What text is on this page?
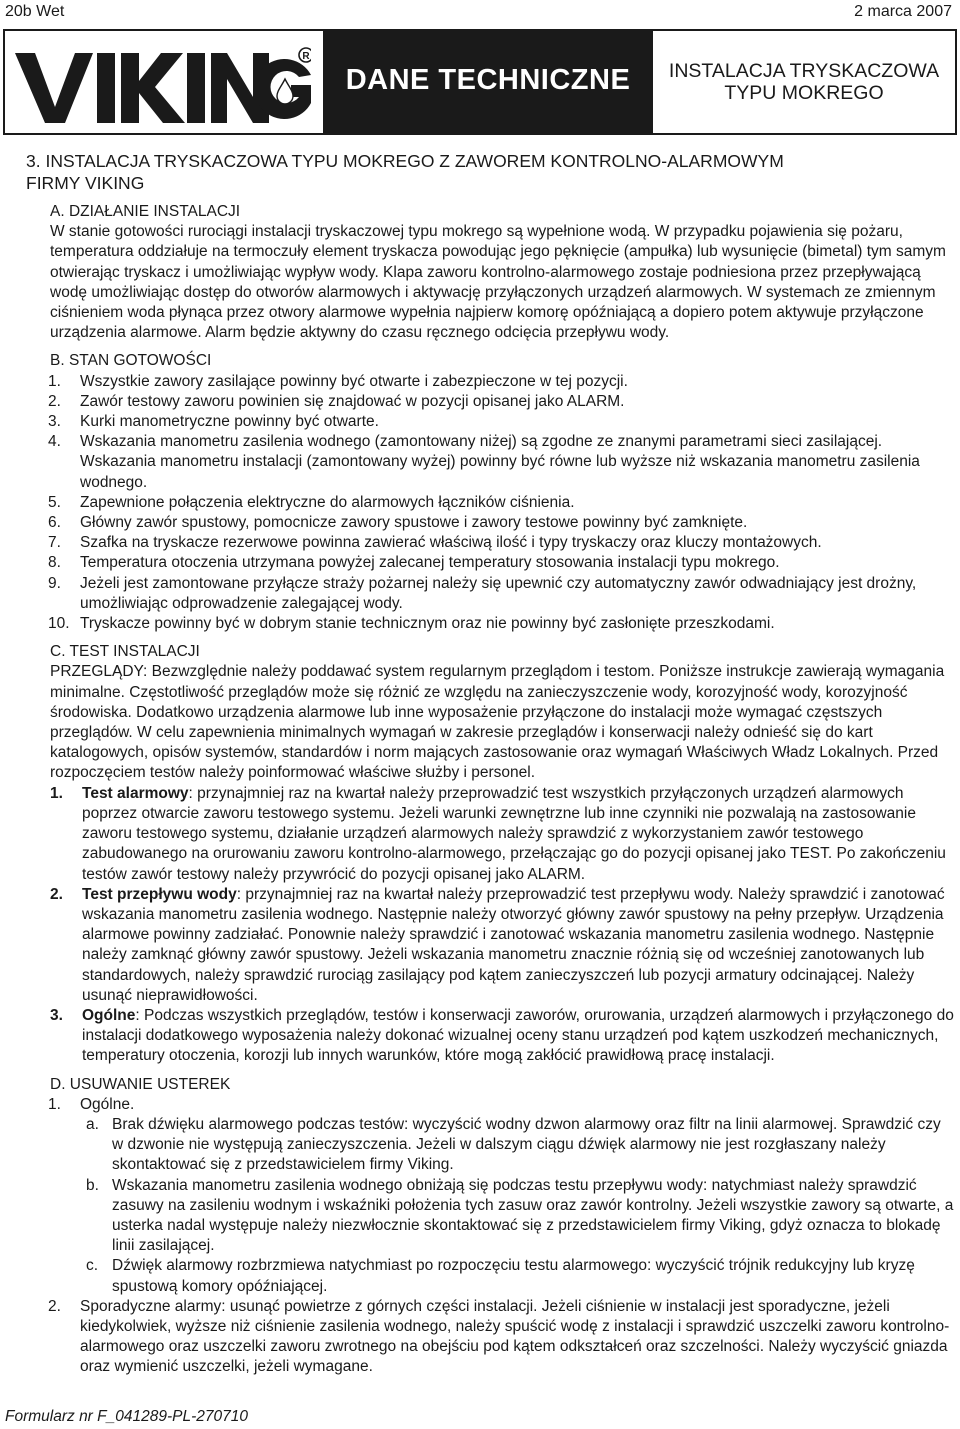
20b Wet	2 marca 2007
R
DANE TECHNICZNE	INSTALACJA TRYSKACZOWA
TYPU MOKREGO
3. INSTALACJA TRYSKACZOWA TYPU MOKREGO Z ZAWOREM KONTROLNO-ALARMOWYM
FIRMY VIKING
A. DZIAŁANIE INSTALACJI

W stanie gotowości rurociągi instalacji tryskaczowej typu mokrego są wypełnione wodą. W przypadku pojawienia się pożaru, temperatura oddziałuje na termoczuły element tryskacza powodując jego pęknięcie (ampułka) lub wysunięcie (bimetal) tym samym otwierając tryskacz i umożliwiając wypływ wody. Klapa zaworu kontrolno-alarmowego zostaje podniesiona przez przepływającą wodę umożliwiając dostęp do otworów alarmowych i aktywację przyłączonych urządzeń alarmowych. W systemach ze zmiennym ciśnieniem woda płynąca przez otwory alarmowe wypełnia najpierw komorę opóźniającą a dopiero potem aktywuje przyłączone urządzenia alarmowe. Alarm będzie aktywny do czasu ręcznego odcięcia przepływu wody.

B. STAN GOTOWOŚCI
1. Wszystkie zawory zasilające powinny być otwarte i zabezpieczone w tej pozycji.
2. Zawór testowy zaworu powinien się znajdować w pozycji opisanej jako ALARM.
3. Kurki manometryczne powinny być otwarte.
4. Wskazania manometru zasilenia wodnego (zamontowany niżej) są zgodne ze znanymi parametrami sieci zasilającej. Wskazania manometru instalacji (zamontowany wyżej) powinny być równe lub wyższe niż wskazania manometru zasilenia wodnego.
5. Zapewnione połączenia elektryczne do alarmowych łączników ciśnienia.
6. Główny zawór spustowy, pomocnicze zawory spustowe i zawory testowe powinny być zamknięte.
7. Szafka na tryskacze rezerwowe powinna zawierać właściwą ilość i typy tryskaczy oraz kluczy montażowych.
8. Temperatura otoczenia utrzymana powyżej zalecanej temperatury stosowania instalacji typu mokrego.
9. Jeżeli jest zamontowane przyłącze straży pożarnej należy się upewnić czy automatyczny zawór odwadniający jest drożny, umożliwiając odprowadzenie zalegającej wody.
10. Tryskacze powinny być w dobrym stanie technicznym oraz nie powinny być zasłonięte przeszkodami.
C. TEST INSTALACJI

PRZEGLĄDY: Bezwzględnie należy poddawać system regularnym przeglądom i testom. Poniższe instrukcje zawierają wymagania minimalne. Częstotliwość przeglądów może się różnić ze względu na zanieczyszczenie wody, korozyjność wody, korozyjność środowiska. Dodatkowo urządzenia alarmowe lub inne wyposażenie przyłączone do instalacji może wymagać częstszych przeglądów. W celu zapewnienia minimalnych wymagań w zakresie przeglądów i konserwacji należy odnieść się do kart katalogowych, opisów systemów, standardów i norm mających zastosowanie oraz wymagań Właściwych Władz Lokalnych. Przed rozpoczęciem testów należy poinformować właściwe służby i personel.

1. Test alarmowy: przynajmniej raz na kwartał należy przeprowadzić test wszystkich przyłączonych urządzeń alarmowych poprzez otwarcie zaworu testowego systemu. Jeżeli warunki zewnętrzne lub inne czynniki nie pozwalają na zastosowanie zaworu testowego systemu, działanie urządzeń alarmowych należy sprawdzić z wykorzystaniem zawór testowego zabudowanego na orurowaniu zaworu kontrolno-alarmowego, przełączając go do pozycji opisanej jako TEST. Po zakończeniu testów zawór testowy należy przywrócić do pozycji opisanej jako ALARM.
2. Test przepływu wody: przynajmniej raz na kwartał należy przeprowadzić test przepływu wody. Należy sprawdzić i zanotować wskazania manometru zasilenia wodnego. Następnie należy otworzyć główny zawór spustowy na pełny przepływ. Urządzenia alarmowe powinny zadziałać. Ponownie należy sprawdzić i zanotować wskazania manometru zasilenia wodnego. Następnie należy zamknąć główny zawór spustowy. Jeżeli wskazania manometru znacznie różnią się od wcześniej zanotowanych lub standardowych, należy sprawdzić rurociąg zasilający pod kątem zanieczyszczeń lub pozycji armatury odcinającej. Należy usunąć nieprawidłowości.
3. Ogólne: Podczas wszystkich przeglądów, testów i konserwacji zaworów, orurowania, urządzeń alarmowych i przyłączonego do instalacji dodatkowego wyposażenia należy dokonać wizualnej oceny stanu urządzeń pod kątem uszkodzeń mechanicznych, temperatury otoczenia, korozji lub innych warunków, które mogą zakłócić prawidłową pracę instalacji.
D. USUWANIE USTEREK
1. Ogólne.
a. Brak dźwięku alarmowego podczas testów: wyczyścić wodny dzwon alarmowy oraz filtr na linii alarmowej. Sprawdzić czy w dzwonie nie występują zanieczyszczenia. Jeżeli w dalszym ciągu dźwięk alarmowy nie jest rozgłaszany należy skontaktować się z przedstawicielem firmy Viking.
b. Wskazania manometru zasilenia wodnego obniżają się podczas testu przepływu wody: natychmiast należy sprawdzić zasuwy na zasileniu wodnym i wskaźniki położenia tych zasuw oraz zawór kontrolny. Jeżeli wszystkie zawory są otwarte, a usterka nadal występuje należy niezwłocznie skontaktować się z przedstawicielem firmy Viking, gdyż oznacza to blokadę linii zasilającej.
c. Dźwięk alarmowy rozbrzmiewa natychmiast po rozpoczęciu testu alarmowego: wyczyścić trójnik redukcyjny lub kryzę spustową komory opóźniającej.
2. Sporadyczne alarmy: usunąć powietrze z górnych części instalacji. Jeżeli ciśnienie w instalacji jest sporadyczne, jeżeli kiedykolwiek, wyższe niż ciśnienie zasilenia wodnego, należy spuścić wodę z instalacji i sprawdzić uszczelki zaworu kontrolno-alarmowego oraz uszczelki zaworu zwrotnego na obejściu pod kątem odkształceń oraz szczelności. Należy wyczyścić gniazda oraz wymienić uszczelki, jeżeli wymagane.
Formularz nr F_041289-PL-270710
